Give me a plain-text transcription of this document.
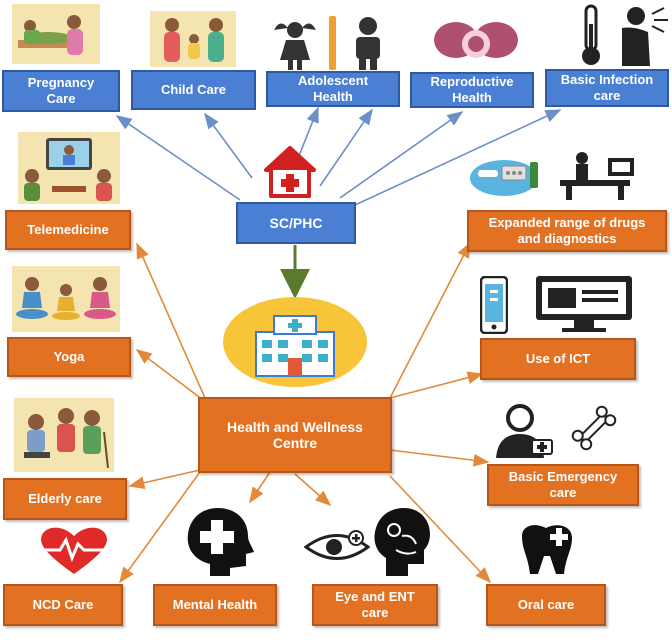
Pregnancy
Care
Child Care
Adolescent
Health
Reproductive
Health
Basic Infection
care
SC/PHC
Health and Wellness
Centre
Telemedicine
Yoga
Elderly care
Expanded range of drugs
and diagnostics
Use of ICT
Basic Emergency
care
NCD Care	Mental Health
Eye and ENT
care
Oral care
